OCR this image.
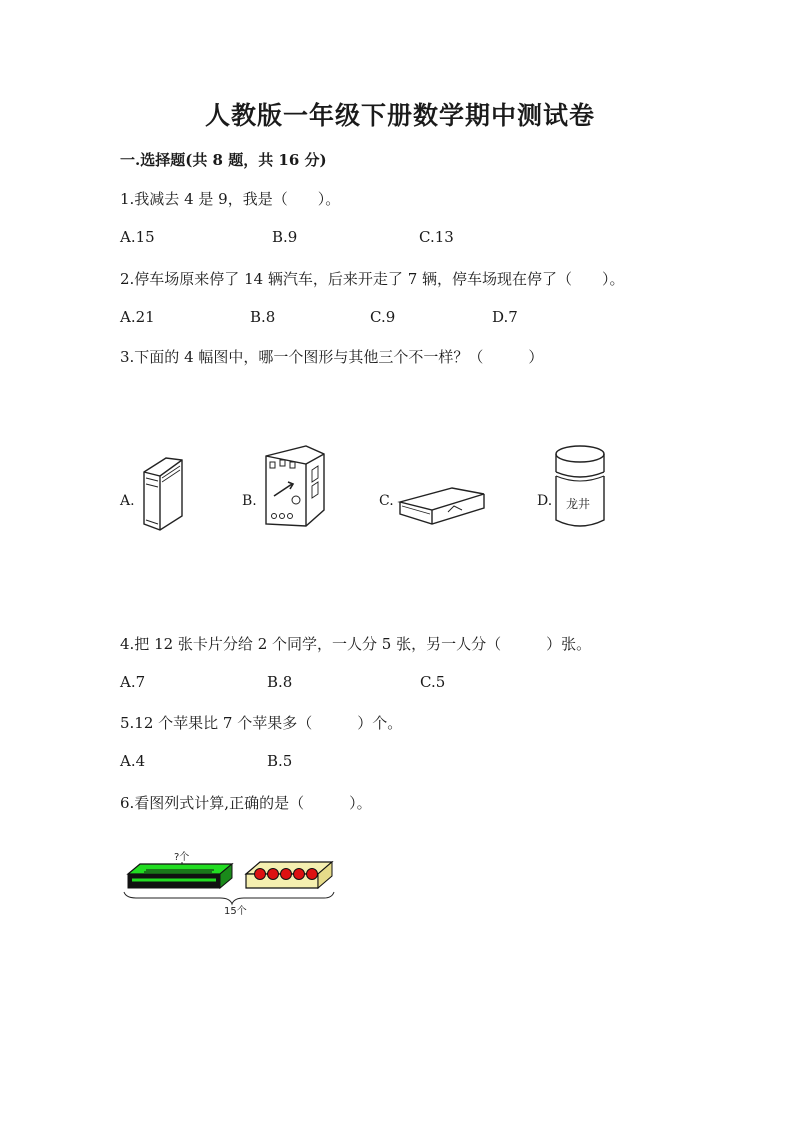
人教版一年级下册数学期中测试卷
一.选择题(共 8 题，共 16 分)
1.我减去 4 是 9，我是（　　）。
A.15	B.9	C.13
2.停车场原来停了 14 辆汽车，后来开走了 7 辆，停车场现在停了（　　）。
A.21	B.8	C.9	D.7
3.下面的 4 幅图中，哪一个图形与其他三个不一样？（　　　）
A.	B.	C.	D. 龙井
4.把 12 张卡片分给 2 个同学，一人分 5 张，另一人分（　　　）张。
A.7	B.8	C.5
5.12 个苹果比 7 个苹果多（　　　）个。
A.4	B.5
6.看图列式计算,正确的是（　　　）。
?个
15个
